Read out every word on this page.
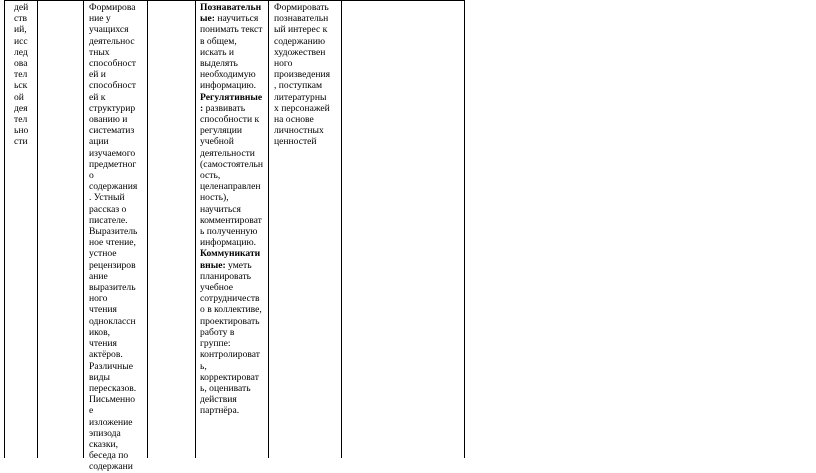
дей
ств
ий,
исс
лед
ова
тел
ьск
ой
дея
тел
ьно
сти
Формирова
ние у
учащихся
деятельнос
тных
способност
ей и
способност
ей к
структурир
ованию и
систематиз
ации
изучаемого
предметног
о
содержания
. Устный
рассказ о
писателе.
Выразитель
ное чтение,
устное
рецензиров
ание
выразитель
ного
чтения
одноклассн
иков,
чтения
актёров.
Различные
виды
пересказов.
Письменно
е
изложение
эпизода
сказки,
беседа по
содержани
Познавательн
ые: научиться
понимать текст
в общем,
искать и
выделять
необходимую
информацию.
Регулятивные
: развивать
способности к
регуляции
учебной
деятельности
(самостоятельн
ость,
целенаправлен
ность),
научиться
комментироват
ь полученную
информацию.
Коммуникати
вные: уметь
планировать
учебное
сотрудничеств
о в коллективе,
проектировать
работу в
группе:
контролироват
ь,
корректироват
ь, оценивать
действия
партнёра.
Формировать
познавательн
ый интерес к
содержанию
художествен
ного
произведения
, поступкам
литературны
х персонажей
на основе
личностных
ценностей
